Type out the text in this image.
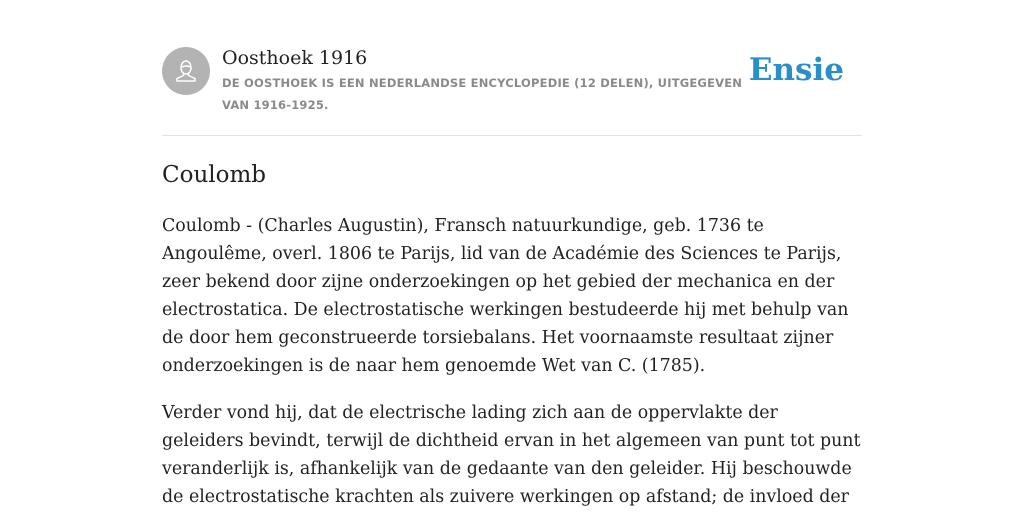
Oosthoek 1916
DE OOSTHOEK IS EEN NEDERLANDSE ENCYCLOPEDIE (12 DELEN), UITGEGEVEN VAN 1916-1925.
Ensie
Coulomb

Coulomb - (Charles Augustin), Fransch natuurkundige, geb. 1736 te Angoulême, overl. 1806 te Parijs, lid van de Académie des Sciences te Parijs, zeer bekend door zijne onderzoekingen op het gebied der mechanica en der electrostatica. De electrostatische werkingen bestudeerde hij met behulp van de door hem geconstrueerde torsiebalans. Het voornaamste resultaat zijner onderzoekingen is de naar hem genoemde Wet van C. (1785).

Verder vond hij, dat de electrische lading zich aan de oppervlakte der geleiders bevindt, terwijl de dichtheid ervan in het algemeen van punt tot punt veranderlijk is, afhankelijk van de gedaante van den geleider. Hij beschouwde de electrostatische krachten als zuivere werkingen op afstand; de invloed der
